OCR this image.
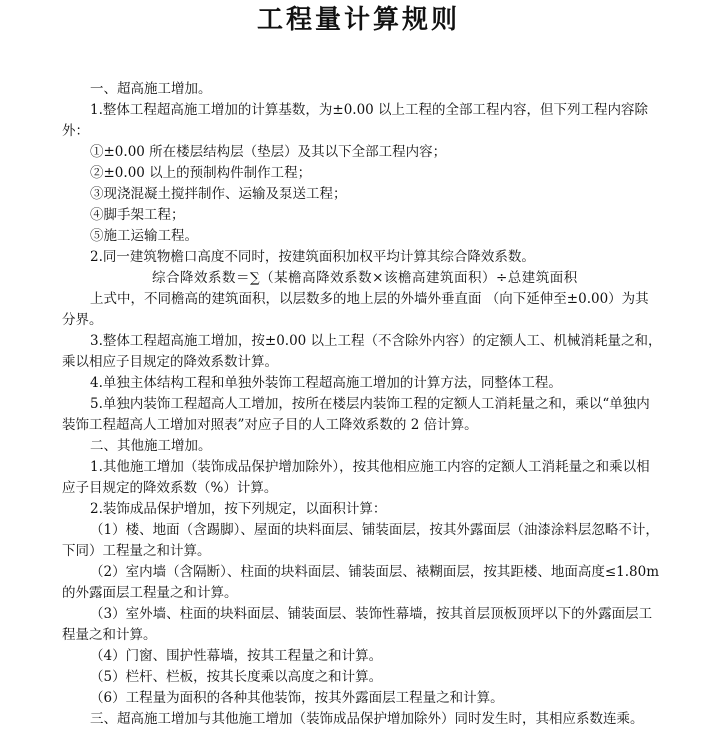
工程量计算规则
一、超高施工增加。
1.整体工程超高施工增加的计算基数，为±0.00 以上工程的全部工程内容，但下列工程内容除
外：
①±0.00 所在楼层结构层（垫层）及其以下全部工程内容；
②±0.00 以上的预制构件制作工程；
③现浇混凝土搅拌制作、运输及泵送工程；
④脚手架工程；
⑤施工运输工程。
2.同一建筑物檐口高度不同时，按建筑面积加权平均计算其综合降效系数。
综合降效系数＝∑（某檐高降效系数×该檐高建筑面积）÷总建筑面积
上式中，不同檐高的建筑面积，以层数多的地上层的外墙外垂直面 （向下延伸至±0.00）为其
分界。
3.整体工程超高施工增加，按±0.00 以上工程（不含除外内容）的定额人工、机械消耗量之和，
乘以相应子目规定的降效系数计算。
4.单独主体结构工程和单独外装饰工程超高施工增加的计算方法，同整体工程。
5.单独内装饰工程超高人工增加，按所在楼层内装饰工程的定额人工消耗量之和，乘以“单独内
装饰工程超高人工增加对照表”对应子目的人工降效系数的 2 倍计算。
二、其他施工增加。
1.其他施工增加（装饰成品保护增加除外），按其他相应施工内容的定额人工消耗量之和乘以相
应子目规定的降效系数（%）计算。
2.装饰成品保护增加，按下列规定，以面积计算：
（1）楼、地面（含踢脚）、屋面的块料面层、铺装面层，按其外露面层（油漆涂料层忽略不计，
下同）工程量之和计算。
（2）室内墙（含隔断）、柱面的块料面层、铺装面层、裱糊面层，按其距楼、地面高度≤1.80m
的外露面层工程量之和计算。
（3）室外墙、柱面的块料面层、铺装面层、装饰性幕墙，按其首层顶板顶坪以下的外露面层工
程量之和计算。
（4）门窗、围护性幕墙，按其工程量之和计算。
（5）栏杆、栏板，按其长度乘以高度之和计算。
（6）工程量为面积的各种其他装饰，按其外露面层工程量之和计算。
三、超高施工增加与其他施工增加（装饰成品保护增加除外）同时发生时，其相应系数连乘。
